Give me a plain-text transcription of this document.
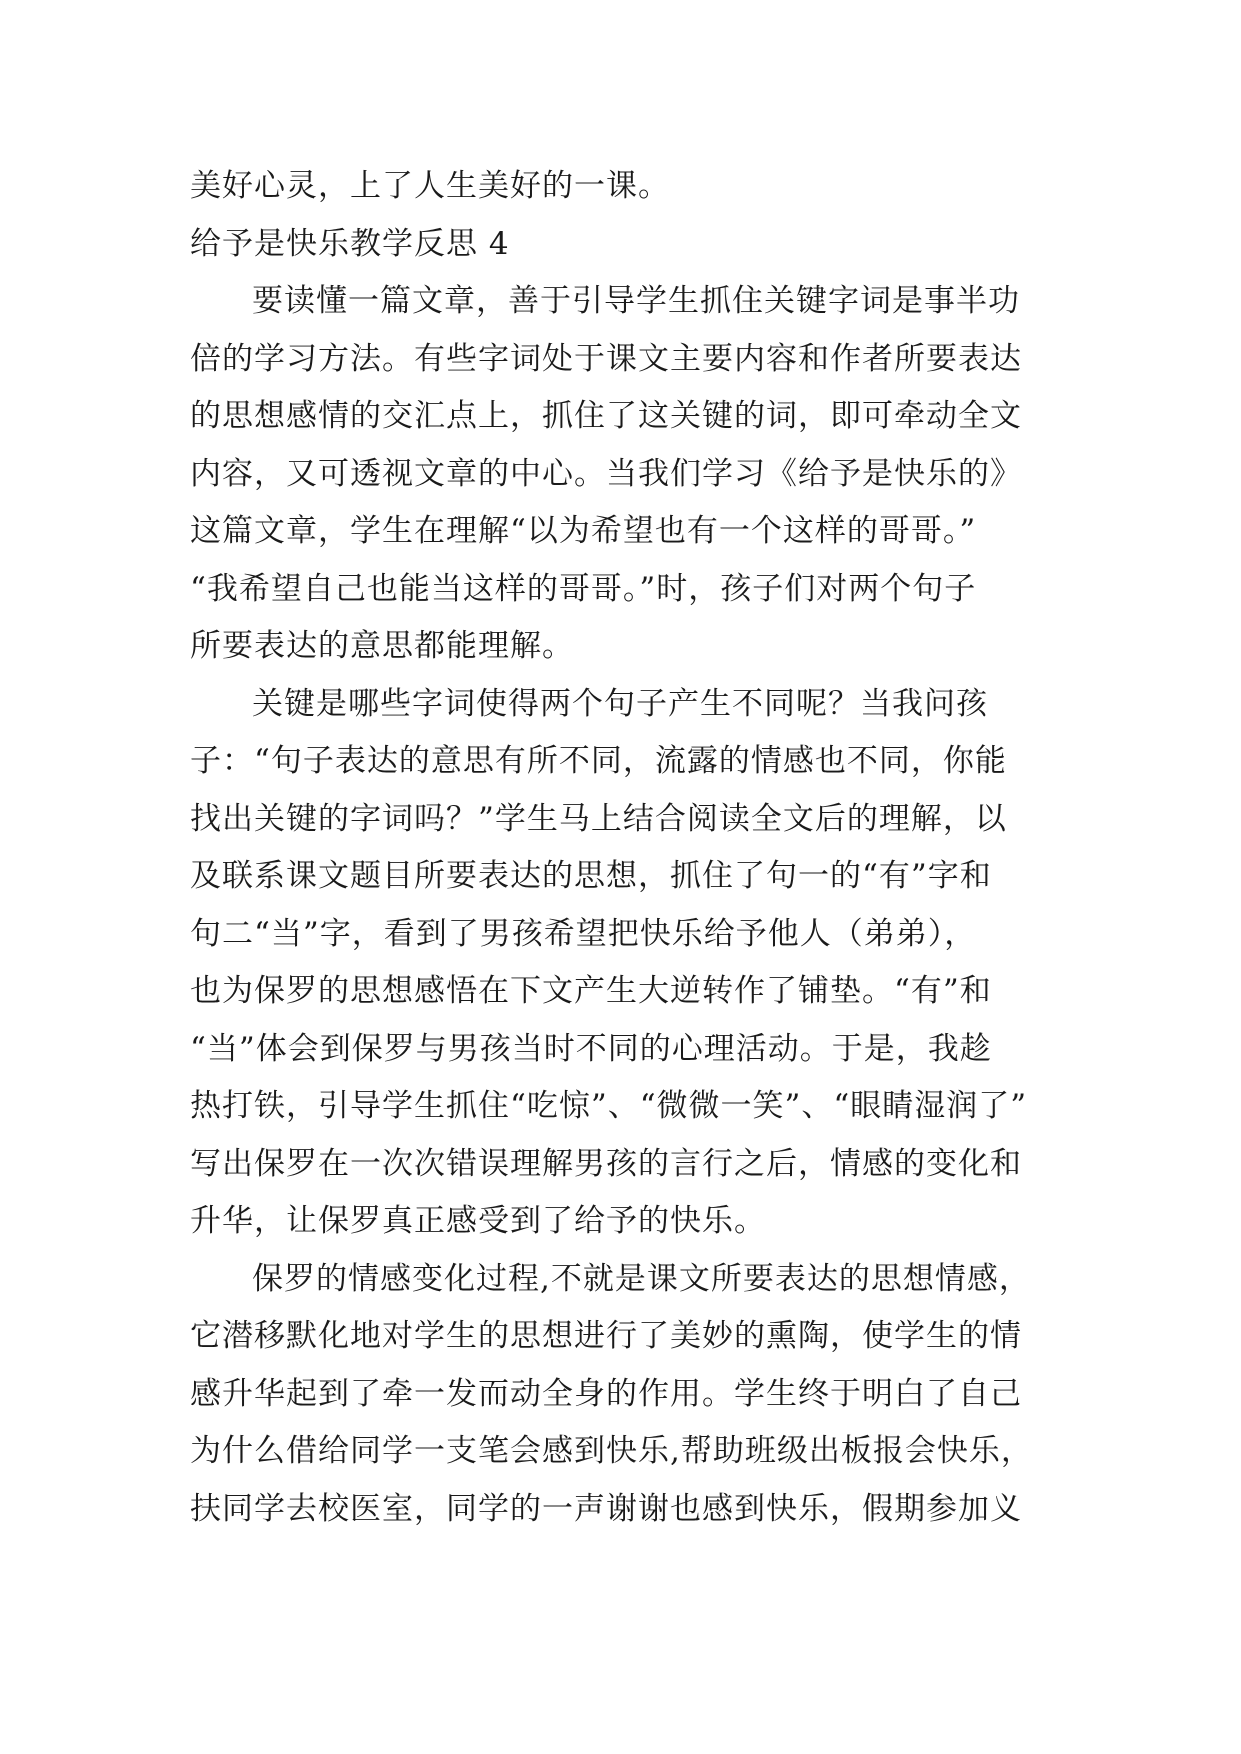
美好心灵，上了人生美好的一课。
给予是快乐教学反思 4
要读懂一篇文章，善于引导学生抓住关键字词是事半功
倍的学习方法。有些字词处于课文主要内容和作者所要表达
的思想感情的交汇点上，抓住了这关键的词，即可牵动全文
内容，又可透视文章的中心。当我们学习《给予是快乐的》
这篇文章，学生在理解“以为希望也有一个这样的哥哥。”
“我希望自己也能当这样的哥哥。”时，孩子们对两个句子
所要表达的意思都能理解。
关键是哪些字词使得两个句子产生不同呢？当我问孩
子：“句子表达的意思有所不同，流露的情感也不同，你能
找出关键的字词吗？”学生马上结合阅读全文后的理解，以
及联系课文题目所要表达的思想，抓住了句一的“有”字和
句二“当”字，看到了男孩希望把快乐给予他人（弟弟），
也为保罗的思想感悟在下文产生大逆转作了铺垫。“有”和
“当”体会到保罗与男孩当时不同的心理活动。于是，我趁
热打铁，引导学生抓住“吃惊”、“微微一笑”、“眼睛湿润了”
写出保罗在一次次错误理解男孩的言行之后，情感的变化和
升华，让保罗真正感受到了给予的快乐。
保罗的情感变化过程,不就是课文所要表达的思想情感，
它潜移默化地对学生的思想进行了美妙的熏陶，使学生的情
感升华起到了牵一发而动全身的作用。学生终于明白了自己
为什么借给同学一支笔会感到快乐,帮助班级出板报会快乐，
扶同学去校医室，同学的一声谢谢也感到快乐，假期参加义
